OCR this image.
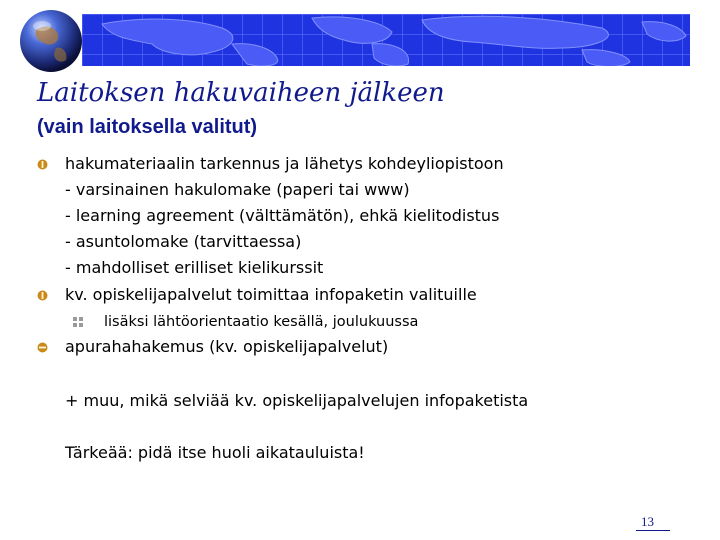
Laitoksen hakuvaiheen jälkeen
(vain laitoksella valitut)
hakumateriaalin tarkennus ja lähetys kohdeyliopistoon
- varsinainen hakulomake (paperi tai www)
- learning agreement (välttämätön), ehkä kielitodistus
- asuntolomake (tarvittaessa)
- mahdolliset erilliset kielikurssit
kv. opiskelijapalvelut toimittaa infopaketin valituille
lisäksi lähtöorientaatio kesällä, joulukuussa
apurahahakemus (kv. opiskelijapalvelut)
+ muu, mikä selviää kv. opiskelijapalvelujen infopaketista
Tärkeää: pidä itse huoli aikatauluista!
13
